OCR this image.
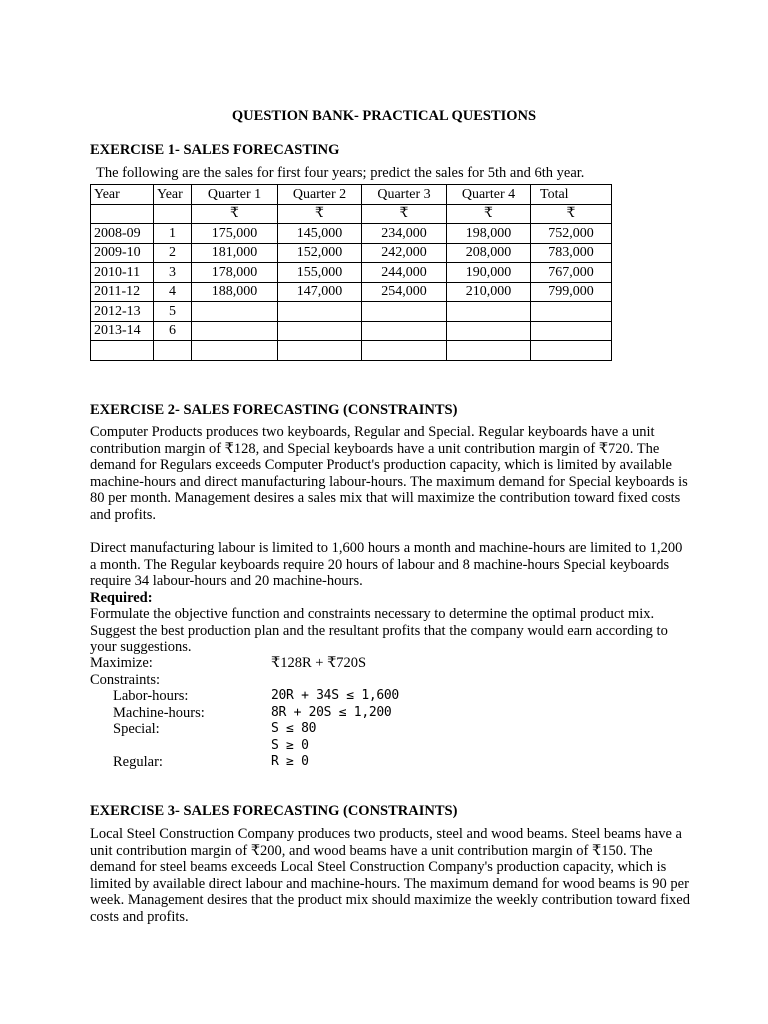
QUESTION BANK- PRACTICAL QUESTIONS
EXERCISE 1- SALES FORECASTING
The following are the sales for first four years; predict the sales for 5th and 6th year.
Year	Year	Quarter 1	Quarter 2	Quarter 3	Quarter 4	Total
		₹	₹	₹	₹	₹
2008-09	1	175,000	145,000	234,000	198,000	752,000
2009-10	2	181,000	152,000	242,000	208,000	783,000
2010-11	3	178,000	155,000	244,000	190,000	767,000
2011-12	4	188,000	147,000	254,000	210,000	799,000
2012-13	5					
2013-14	6					

EXERCISE 2- SALES FORECASTING (CONSTRAINTS)

Computer Products produces two keyboards, Regular and Special. Regular keyboards have a unit contribution margin of ₹128, and Special keyboards have a unit contribution margin of ₹720. The demand for Regulars exceeds Computer Product's production capacity, which is limited by available machine-hours and direct manufacturing labour-hours. The maximum demand for Special keyboards is 80 per month. Management desires a sales mix that will maximize the contribution toward fixed costs and profits.

Direct manufacturing labour is limited to 1,600 hours a month and machine-hours are limited to 1,200 a month. The Regular keyboards require 20 hours of labour and 8 machine-hours Special keyboards require 34 labour-hours and 20 machine-hours.

Required:

Formulate the objective function and constraints necessary to determine the optimal product mix. Suggest the best production plan and the resultant profits that the company would earn according to your suggestions.

Maximize:	₹128R + ₹720S
Constraints:
Labor-hours:	20R + 34S ≤ 1,600
Machine-hours:	8R + 20S ≤ 1,200
Special:	S ≤ 80
S ≥ 0
Regular:	R ≥ 0
EXERCISE 3- SALES FORECASTING (CONSTRAINTS)

Local Steel Construction Company produces two products, steel and wood beams. Steel beams have a unit contribution margin of ₹200, and wood beams have a unit contribution margin of ₹150. The demand for steel beams exceeds Local Steel Construction Company's production capacity, which is limited by available direct labour and machine-hours. The maximum demand for wood beams is 90 per week. Management desires that the product mix should maximize the weekly contribution toward fixed costs and profits.
